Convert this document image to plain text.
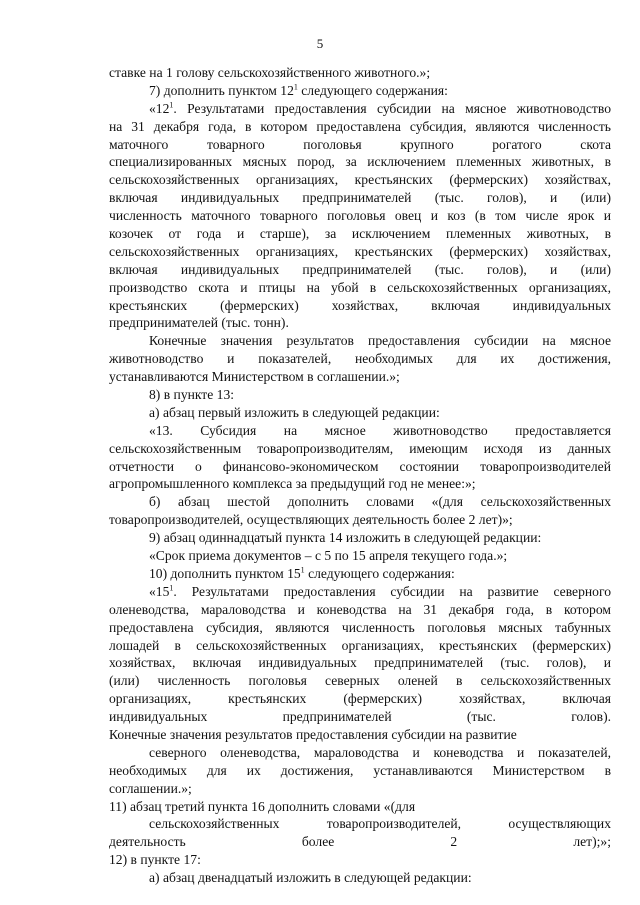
5
ставке на 1 голову сельскохозяйственного животного.»;
7) дополнить пунктом $12^1$ следующего содержания:
«$12^1$. Результатами предоставления субсидии на мясное животноводство
на 31 декабря года, в котором предоставлена субсидия, являются численность
маточного товарного поголовья крупного рогатого скота
специализированных мясных пород, за исключением племенных животных, в
сельскохозяйственных организациях, крестьянских (фермерских) хозяйствах,
включая индивидуальных предпринимателей (тыс. голов), и (или)
численность маточного товарного поголовья овец и коз (в том числе ярок и
козочек от года и старше), за исключением племенных животных, в
сельскохозяйственных организациях, крестьянских (фермерских) хозяйствах,
включая индивидуальных предпринимателей (тыс. голов), и (или)
производство скота и птицы на убой в сельскохозяйственных организациях,
крестьянских (фермерских) хозяйствах, включая индивидуальных
предпринимателей (тыс. тонн).
Конечные значения результатов предоставления субсидии на мясное
животноводство и показателей, необходимых для их достижения,
устанавливаются Министерством в соглашении.»;
8) в пункте 13:
а) абзац первый изложить в следующей редакции:
«13. Субсидия на мясное животноводство предоставляется
сельскохозяйственным товаропроизводителям, имеющим исходя из данных
отчетности о финансово-экономическом состоянии товаропроизводителей
агропромышленного комплекса за предыдущий год не менее:»;
б) абзац шестой дополнить словами «(для сельскохозяйственных
товаропроизводителей, осуществляющих деятельность более 2 лет)»;
9) абзац одиннадцатый пункта 14 изложить в следующей редакции:
«Срок приема документов – с 5 по 15 апреля текущего года.»;
10) дополнить пунктом $15^1$ следующего содержания:
«$15^1$. Результатами предоставления субсидии на развитие северного
оленеводства, мараловодства и коневодства на 31 декабря года, в котором
предоставлена субсидия, являются численность поголовья мясных табунных
лошадей в сельскохозяйственных организациях, крестьянских (фермерских)
хозяйствах, включая индивидуальных предпринимателей (тыс. голов), и
(или) численность поголовья северных оленей в сельскохозяйственных
организациях, крестьянских (фермерских) хозяйствах, включая
индивидуальных предпринимателей (тыс. голов).
Конечные значения результатов предоставления субсидии на развитие
северного оленеводства, мараловодства и коневодства и показателей,
необходимых для их достижения, устанавливаются Министерством в
соглашении.»;
11) абзац третий пункта 16 дополнить словами «(для
сельскохозяйственных товаропроизводителей, осуществляющих
деятельность более 2 лет);»;
12) в пункте 17:
а) абзац двенадцатый изложить в следующей редакции:
